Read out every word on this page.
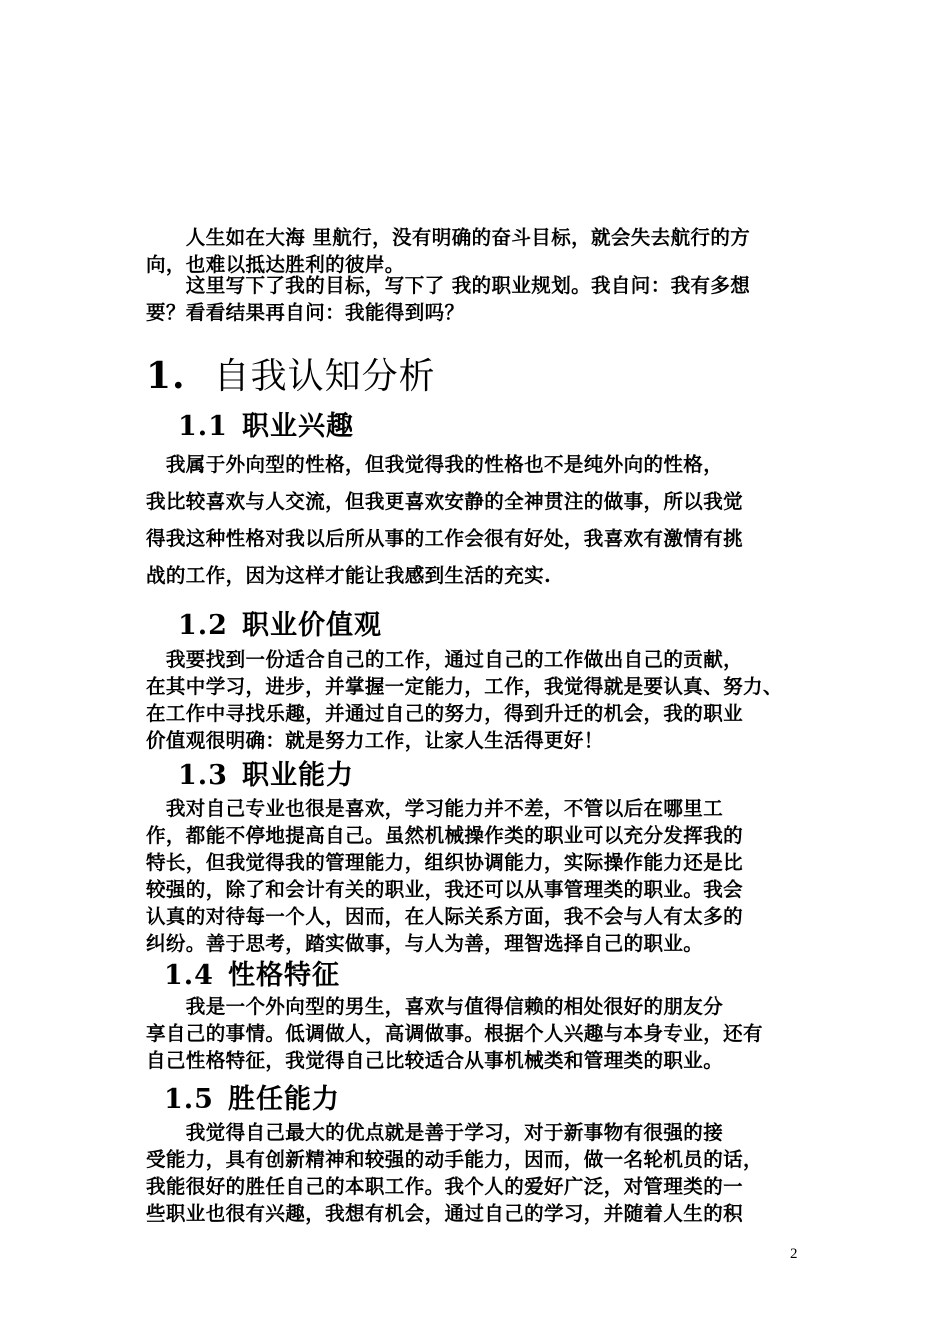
　　人生如在大海 里航行，没有明确的奋斗目标，就会失去航行的方
向，也难以抵达胜利的彼岸。
　　这里写下了我的目标，写下了 我的职业规划。我自问：我有多想
要？看看结果再自问：我能得到吗？
1. 自我认知分析
1.1 职业兴趣
　我属于外向型的性格，但我觉得我的性格也不是纯外向的性格，
我比较喜欢与人交流，但我更喜欢安静的全神贯注的做事，所以我觉
得我这种性格对我以后所从事的工作会很有好处，我喜欢有激情有挑
战的工作，因为这样才能让我感到生活的充实.
1.2 职业价值观
　我要找到一份适合自己的工作，通过自己的工作做出自己的贡献，
在其中学习，进步，并掌握一定能力，工作，我觉得就是要认真、努力、
在工作中寻找乐趣，并通过自己的努力，得到升迁的机会，我的职业
价值观很明确：就是努力工作，让家人生活得更好！
1.3 职业能力
　我对自己专业也很是喜欢，学习能力并不差，不管以后在哪里工
作，都能不停地提高自己。虽然机械操作类的职业可以充分发挥我的
特长，但我觉得我的管理能力，组织协调能力，实际操作能力还是比
较强的，除了和会计有关的职业，我还可以从事管理类的职业。我会
认真的对待每一个人，因而，在人际关系方面，我不会与人有太多的
纠纷。善于思考，踏实做事，与人为善，理智选择自己的职业。
1.4 性格特征
　　我是一个外向型的男生，喜欢与值得信赖的相处很好的朋友分
享自己的事情。低调做人，高调做事。根据个人兴趣与本身专业，还有
自己性格特征，我觉得自己比较适合从事机械类和管理类的职业。
1.5 胜任能力
　　我觉得自己最大的优点就是善于学习，对于新事物有很强的接
受能力，具有创新精神和较强的动手能力，因而，做一名轮机员的话，
我能很好的胜任自己的本职工作。我个人的爱好广泛，对管理类的一
些职业也很有兴趣，我想有机会，通过自己的学习，并随着人生的积
2
